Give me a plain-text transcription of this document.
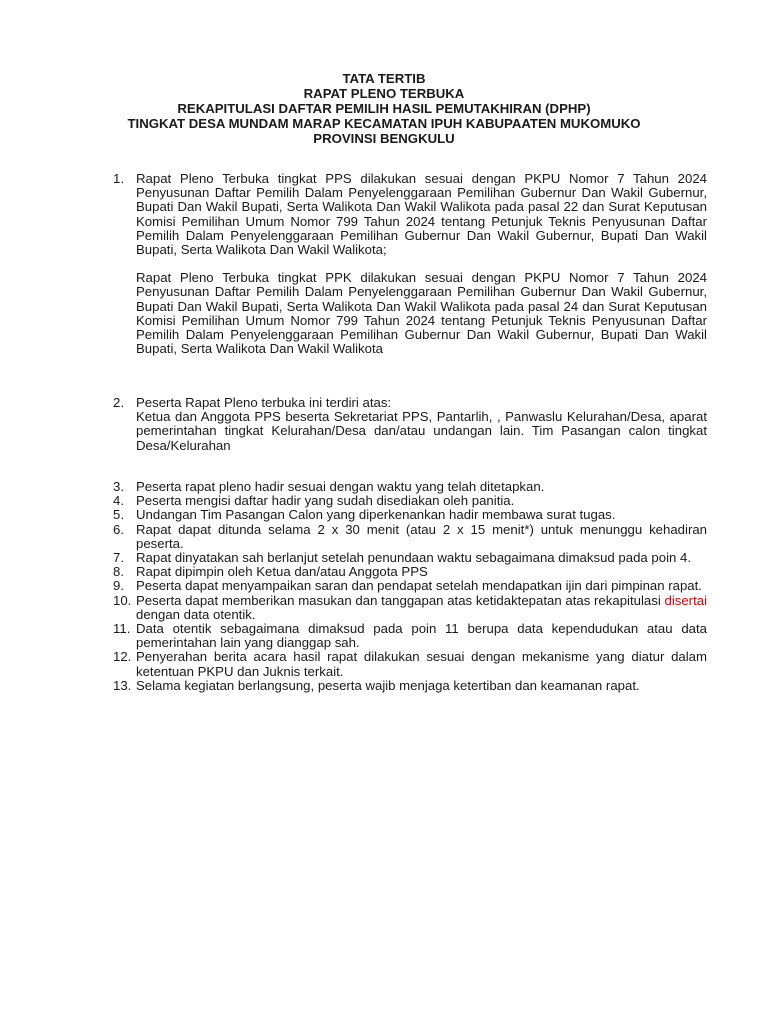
TATA TERTIB
RAPAT PLENO TERBUKA
REKAPITULASI DAFTAR PEMILIH HASIL PEMUTAKHIRAN (DPHP)
TINGKAT DESA MUNDAM MARAP KECAMATAN IPUH KABUPAATEN MUKOMUKO
PROVINSI BENGKULU
1. Rapat Pleno Terbuka tingkat PPS dilakukan sesuai dengan PKPU Nomor 7 Tahun 2024 Penyusunan Daftar Pemilih Dalam Penyelenggaraan Pemilihan Gubernur Dan Wakil Gubernur, Bupati Dan Wakil Bupati, Serta Walikota Dan Wakil Walikota pada pasal 22 dan Surat Keputusan Komisi Pemilihan Umum Nomor 799 Tahun 2024 tentang Petunjuk Teknis Penyusunan Daftar Pemilih Dalam Penyelenggaraan Pemilihan Gubernur Dan Wakil Gubernur, Bupati Dan Wakil Bupati, Serta Walikota Dan Wakil Walikota;
Rapat Pleno Terbuka tingkat PPK dilakukan sesuai dengan PKPU Nomor 7 Tahun 2024 Penyusunan Daftar Pemilih Dalam Penyelenggaraan Pemilihan Gubernur Dan Wakil Gubernur, Bupati Dan Wakil Bupati, Serta Walikota Dan Wakil Walikota pada pasal 24 dan Surat Keputusan Komisi Pemilihan Umum Nomor 799 Tahun 2024 tentang Petunjuk Teknis Penyusunan Daftar Pemilih Dalam Penyelenggaraan Pemilihan Gubernur Dan Wakil Gubernur, Bupati Dan Wakil Bupati, Serta Walikota Dan Wakil Walikota
2. Peserta Rapat Pleno terbuka ini terdiri atas:
Ketua dan Anggota PPS beserta Sekretariat PPS, Pantarlih, , Panwaslu Kelurahan/Desa, aparat pemerintahan tingkat Kelurahan/Desa dan/atau undangan lain. Tim Pasangan calon tingkat Desa/Kelurahan
3. Peserta rapat pleno hadir sesuai dengan waktu yang telah ditetapkan.
4. Peserta mengisi daftar hadir yang sudah disediakan oleh panitia.
5. Undangan Tim Pasangan Calon yang diperkenankan hadir membawa surat tugas.
6. Rapat dapat ditunda selama 2 x 30 menit (atau 2 x 15 menit*) untuk menunggu kehadiran peserta.
7. Rapat dinyatakan sah berlanjut setelah penundaan waktu sebagaimana dimaksud pada poin 4.
8. Rapat dipimpin oleh Ketua dan/atau Anggota PPS
9. Peserta dapat menyampaikan saran dan pendapat setelah mendapatkan ijin dari pimpinan rapat.
10. Peserta dapat memberikan masukan dan tanggapan atas ketidaktepatan atas rekapitulasi disertai dengan data otentik.
11. Data otentik sebagaimana dimaksud pada poin 11 berupa data kependudukan atau data pemerintahan lain yang dianggap sah.
12. Penyerahan berita acara hasil rapat dilakukan sesuai dengan mekanisme yang diatur dalam ketentuan PKPU dan Juknis terkait.
13. Selama kegiatan berlangsung, peserta wajib menjaga ketertiban dan keamanan rapat.
